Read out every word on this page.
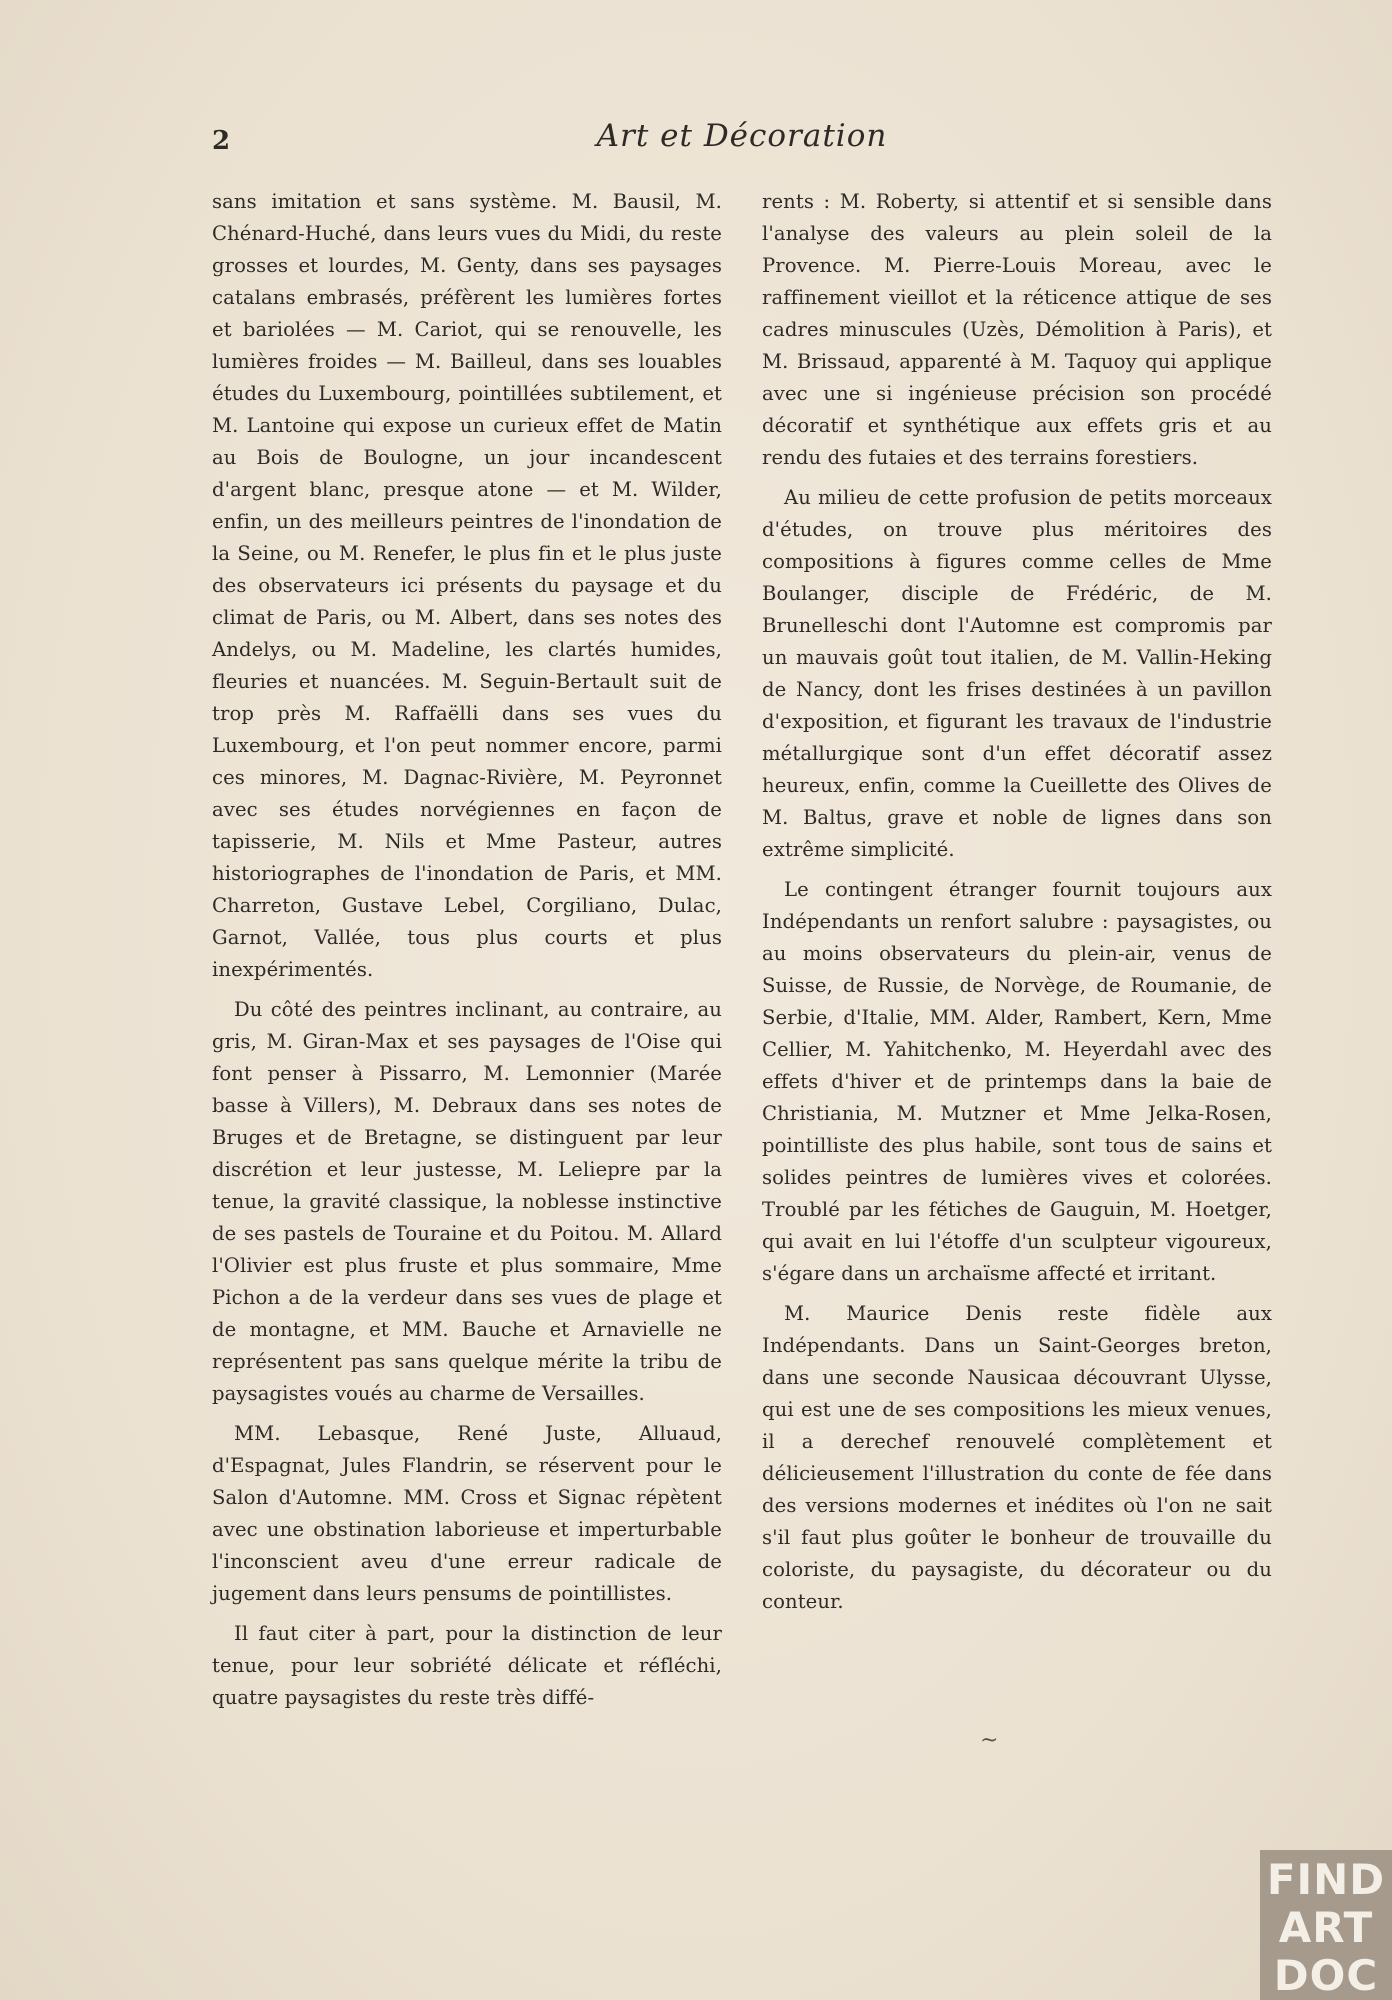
2	Art et Décoration

sans imitation et sans système. M. Bausil, M. Chénard-Huché, dans leurs vues du Midi, du reste grosses et lourdes, M. Genty, dans ses paysages catalans embrasés, préfèrent les lumières fortes et bariolées — M. Cariot, qui se renouvelle, les lumières froides — M. Bailleul, dans ses louables études du Luxembourg, pointillées subtilement, et M. Lantoine qui expose un curieux effet de Matin au Bois de Boulogne, un jour incandescent d'argent blanc, presque atone — et M. Wilder, enfin, un des meilleurs peintres de l'inondation de la Seine, ou M. Renefer, le plus fin et le plus juste des observateurs ici présents du paysage et du climat de Paris, ou M. Albert, dans ses notes des Andelys, ou M. Madeline, les clartés humides, fleuries et nuancées. M. Seguin-Bertault suit de trop près M. Raffaëlli dans ses vues du Luxembourg, et l'on peut nommer encore, parmi ces minores, M. Dagnac-Rivière, M. Peyronnet avec ses études norvégiennes en façon de tapisserie, M. Nils et Mme Pasteur, autres historiographes de l'inondation de Paris, et MM. Charreton, Gustave Lebel, Corgiliano, Dulac, Garnot, Vallée, tous plus courts et plus inexpérimentés.

Du côté des peintres inclinant, au contraire, au gris, M. Giran-Max et ses paysages de l'Oise qui font penser à Pissarro, M. Lemonnier (Marée basse à Villers), M. Debraux dans ses notes de Bruges et de Bretagne, se distinguent par leur discrétion et leur justesse, M. Leliepre par la tenue, la gravité classique, la noblesse instinctive de ses pastels de Touraine et du Poitou. M. Allard l'Olivier est plus fruste et plus sommaire, Mme Pichon a de la verdeur dans ses vues de plage et de montagne, et MM. Bauche et Arnavielle ne représentent pas sans quelque mérite la tribu de paysagistes voués au charme de Versailles.

MM. Lebasque, René Juste, Alluaud, d'Espagnat, Jules Flandrin, se réservent pour le Salon d'Automne. MM. Cross et Signac répètent avec une obstination laborieuse et imperturbable l'inconscient aveu d'une erreur radicale de jugement dans leurs pensums de pointillistes.

Il faut citer à part, pour la distinction de leur tenue, pour leur sobriété délicate et réfléchi, quatre paysagistes du reste très diffé-

rents : M. Roberty, si attentif et si sensible dans l'analyse des valeurs au plein soleil de la Provence. M. Pierre-Louis Moreau, avec le raffinement vieillot et la réticence attique de ses cadres minuscules (Uzès, Démolition à Paris), et M. Brissaud, apparenté à M. Taquoy qui applique avec une si ingénieuse précision son procédé décoratif et synthétique aux effets gris et au rendu des futaies et des terrains forestiers.

Au milieu de cette profusion de petits morceaux d'études, on trouve plus méritoires des compositions à figures comme celles de Mme Boulanger, disciple de Frédéric, de M. Brunelleschi dont l'Automne est compromis par un mauvais goût tout italien, de M. Vallin-Heking de Nancy, dont les frises destinées à un pavillon d'exposition, et figurant les travaux de l'industrie métallurgique sont d'un effet décoratif assez heureux, enfin, comme la Cueillette des Olives de M. Baltus, grave et noble de lignes dans son extrême simplicité.

Le contingent étranger fournit toujours aux Indépendants un renfort salubre : paysagistes, ou au moins observateurs du plein-air, venus de Suisse, de Russie, de Norvège, de Roumanie, de Serbie, d'Italie, MM. Alder, Rambert, Kern, Mme Cellier, M. Yahitchenko, M. Heyerdahl avec des effets d'hiver et de printemps dans la baie de Christiania, M. Mutzner et Mme Jelka-Rosen, pointilliste des plus habile, sont tous de sains et solides peintres de lumières vives et colorées. Troublé par les fétiches de Gauguin, M. Hoetger, qui avait en lui l'étoffe d'un sculpteur vigoureux, s'égare dans un archaïsme affecté et irritant.

M. Maurice Denis reste fidèle aux Indépendants. Dans un Saint-Georges breton, dans une seconde Nausicaa découvrant Ulysse, qui est une de ses compositions les mieux venues, il a derechef renouvelé complètement et délicieusement l'illustration du conte de fée dans des versions modernes et inédites où l'on ne sait s'il faut plus goûter le bonheur de trouvaille du coloriste, du paysagiste, du décorateur ou du conteur.

~
FIND
ART
DOC
